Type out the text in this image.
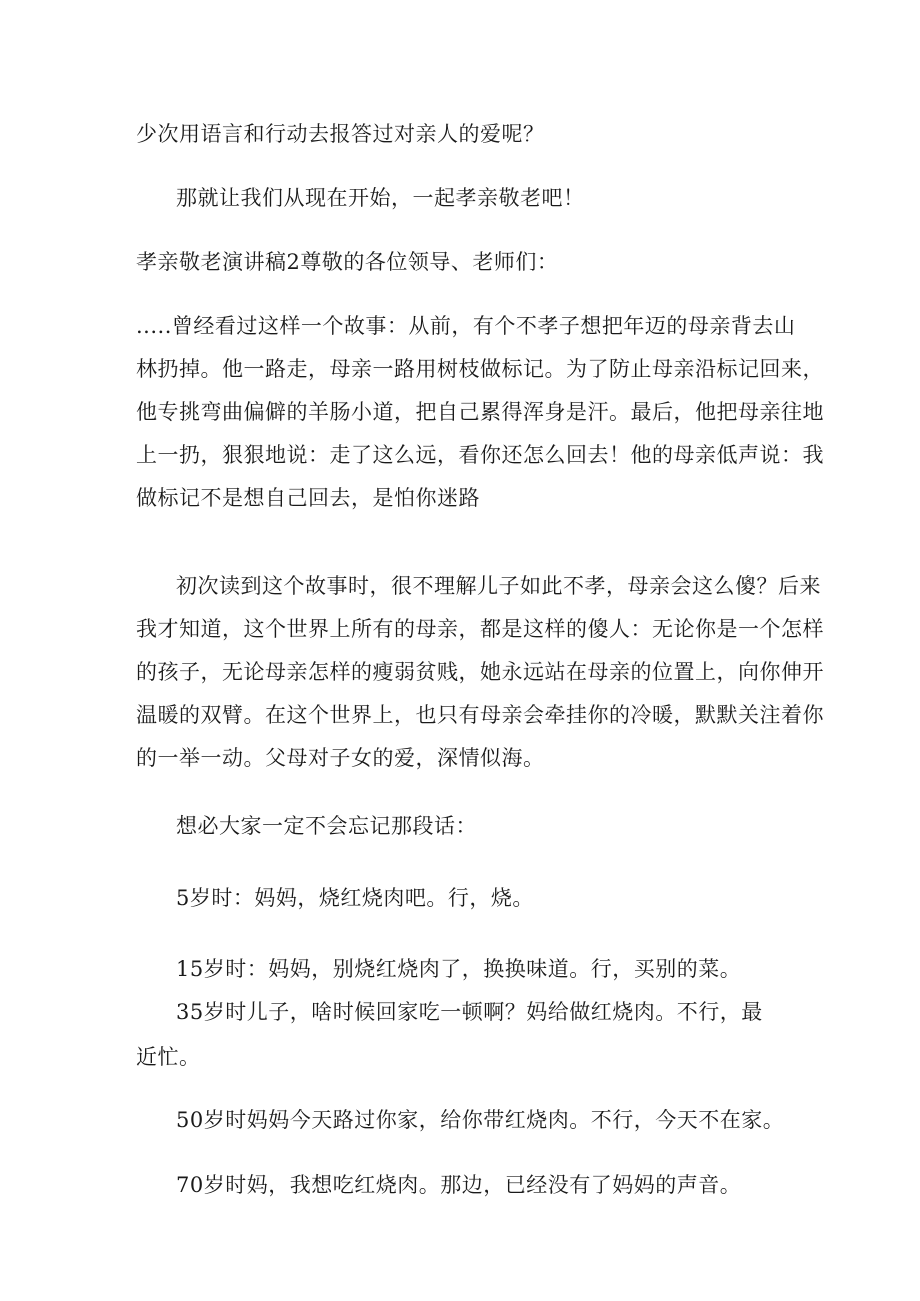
少次用语言和行动去报答过对亲人的爱呢？

那就让我们从现在开始，一起孝亲敬老吧！

孝亲敬老演讲稿2尊敬的各位领导、老师们：

.....曾经看过这样一个故事：从前，有个不孝子想把年迈的母亲背去山

林扔掉。他一路走，母亲一路用树枝做标记。为了防止母亲沿标记回来，

他专挑弯曲偏僻的羊肠小道，把自己累得浑身是汗。最后，他把母亲往地

上一扔，狠狠地说：走了这么远，看你还怎么回去！他的母亲低声说：我

做标记不是想自己回去，是怕你迷路

初次读到这个故事时，很不理解儿子如此不孝，母亲会这么傻？后来

我才知道，这个世界上所有的母亲，都是这样的傻人：无论你是一个怎样

的孩子，无论母亲怎样的瘦弱贫贱，她永远站在母亲的位置上，向你伸开

温暖的双臂。在这个世界上，也只有母亲会牵挂你的冷暖，默默关注着你

的一举一动。父母对子女的爱，深情似海。

想必大家一定不会忘记那段话：

5岁时：妈妈，烧红烧肉吧。行，烧。

15岁时：妈妈，别烧红烧肉了，换换味道。行，买别的菜。

35岁时儿子，啥时候回家吃一顿啊？妈给做红烧肉。不行，最

近忙。

50岁时妈妈今天路过你家，给你带红烧肉。不行，今天不在家。

70岁时妈，我想吃红烧肉。那边，已经没有了妈妈的声音。
